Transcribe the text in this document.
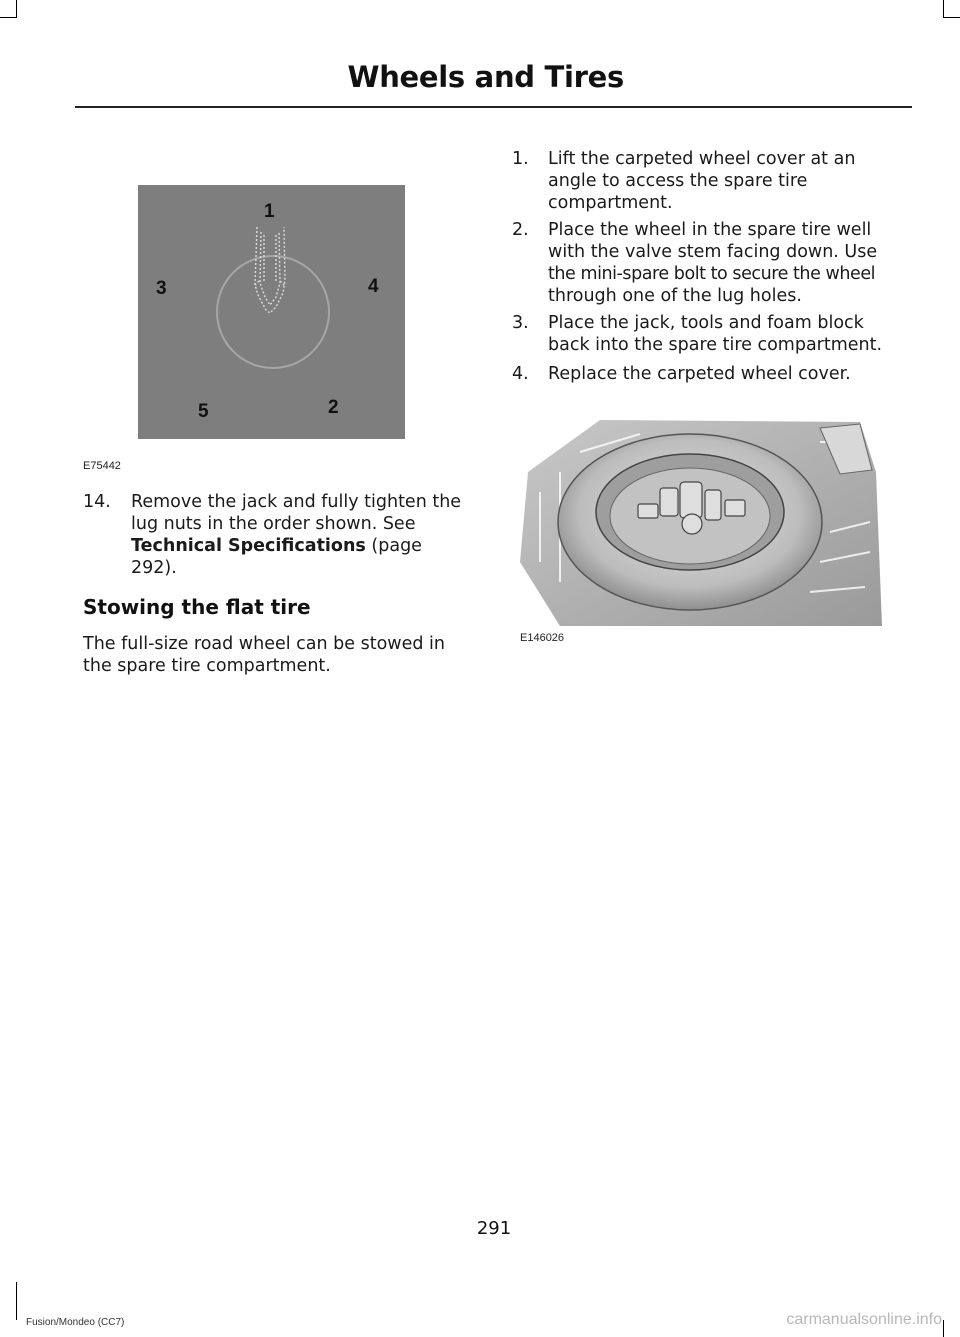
Wheels and Tires
1
2
3	4
5
E75442
14. Remove the jack and fully tighten the
lug nuts in the order shown. See
Technical Specifications (page
292).
Stowing the flat tire
The full-size road wheel can be stowed in
the spare tire compartment.
1. Lift the carpeted wheel cover at an
angle to access the spare tire
compartment.
2. Place the wheel in the spare tire well
with the valve stem facing down. Use
the mini-spare bolt to secure the wheel
through one of the lug holes.
3. Place the jack, tools and foam block
back into the spare tire compartment.
4. Replace the carpeted wheel cover.
E146026
291
Fusion/Mondeo (CC7)	carmanualsonline.info
